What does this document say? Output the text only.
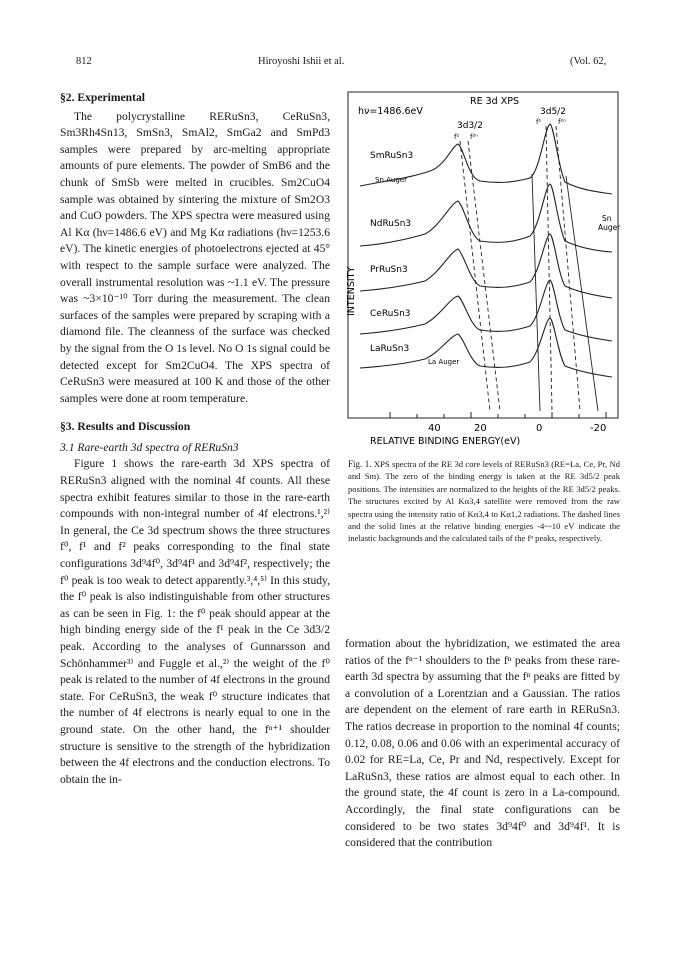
812	Hiroyoshi Ishii et al.	(Vol. 62,
§2. Experimental

The polycrystalline RERuSn3, CeRuSn3, Sm3Rh4Sn13, SmSn3, SmAl2, SmGa2 and SmPd3 samples were prepared by arc-melting appropriate amounts of pure elements. The powder of SmB6 and the chunk of SmSb were melted in crucibles. Sm2CuO4 sample was obtained by sintering the mixture of Sm2O3 and CuO powders. The XPS spectra were measured using Al Kα (hν=1486.6 eV) and Mg Kα radiations (hν=1253.6 eV). The kinetic energies of photoelectrons ejected at 45° with respect to the sample surface were analyzed. The overall instrumental resolution was ~1.1 eV. The pressure was ~3×10⁻¹⁰ Torr during the measurement. The clean surfaces of the samples were prepared by scraping with a diamond file. The cleanness of the surface was checked by the signal from the O 1s level. No O 1s signal could be detected except for Sm2CuO4. The XPS spectra of CeRuSn3 were measured at 100 K and those of the other samples were done at room temperature.

§3. Results and Discussion
3.1 Rare-earth 3d spectra of RERuSn3

Figure 1 shows the rare-earth 3d XPS spectra of RERuSn3 aligned with the nominal 4f counts. All these spectra exhibit features similar to those in the rare-earth compounds with non-integral number of 4f electrons.¹,²⁾ In general, the Ce 3d spectrum shows the three structures f⁰, f¹ and f² peaks corresponding to the final state configurations 3d⁹4f⁰, 3d⁹4f¹ and 3d⁹4f², respectively; the f⁰ peak is too weak to detect apparently.³,⁴,⁵⁾ In this study, the f⁰ peak is also indistinguishable from other structures as can be seen in Fig. 1: the f⁰ peak should appear at the high binding energy side of the f¹ peak in the Ce 3d3/2 peak. According to the analyses of Gunnarsson and Schönhammer³⁾ and Fuggle et al.,²⁾ the weight of the f⁰ peak is related to the number of 4f electrons in the ground state. For CeRuSn3, the weak f⁰ structure indicates that the number of 4f electrons is nearly equal to one in the ground state. On the other hand, the fⁿ⁺¹ shoulder structure is sensitive to the strength of the hybridization between the 4f electrons and the conduction electrons. To obtain the in-

40	20	0	-20
RELATIVE BINDING ENERGY(eV)
INTENSITY
RE 3d XPS
hν=1486.6eV	3d5/2
3d3/2
f¹ f²ⁿ
f¹ f²ⁿ
SmRuSn3
Sn Auger
NdRuSn3
Sn
Auger
PrRuSn3
CeRuSn3
LaRuSn3
La Auger
Fig. 1. XPS spectra of the RE 3d core levels of RERuSn3 (RE=La, Ce, Pr, Nd and Sm). The zero of the binding energy is taken at the RE 3d5/2 peak positions. The intensities are normalized to the heights of the RE 3d5/2 peaks. The structures excited by Al Kα3,4 satellite were removed from the raw spectra using the intensity ratio of Kα3,4 to Kα1,2 radiations. The dashed lines and the solid lines at the relative binding energies -4~-10 eV indicate the inelastic backgrounds and the calculated tails of the fⁿ peaks, respectively.

formation about the hybridization, we estimated the area ratios of the fⁿ⁻¹ shoulders to the fⁿ peaks from these rare-earth 3d spectra by assuming that the fⁿ peaks are fitted by a convolution of a Lorentzian and a Gaussian. The ratios are dependent on the element of rare earth in RERuSn3. The ratios decrease in proportion to the nominal 4f counts; 0.12, 0.08, 0.06 and 0.06 with an experimental accuracy of 0.02 for RE=La, Ce, Pr and Nd, respectively. Except for LaRuSn3, these ratios are almost equal to each other. In the ground state, the 4f count is zero in a La-compound. Accordingly, the final state configurations can be considered to be two states 3d⁹4f⁰ and 3d⁹4f¹. It is considered that the contribution
